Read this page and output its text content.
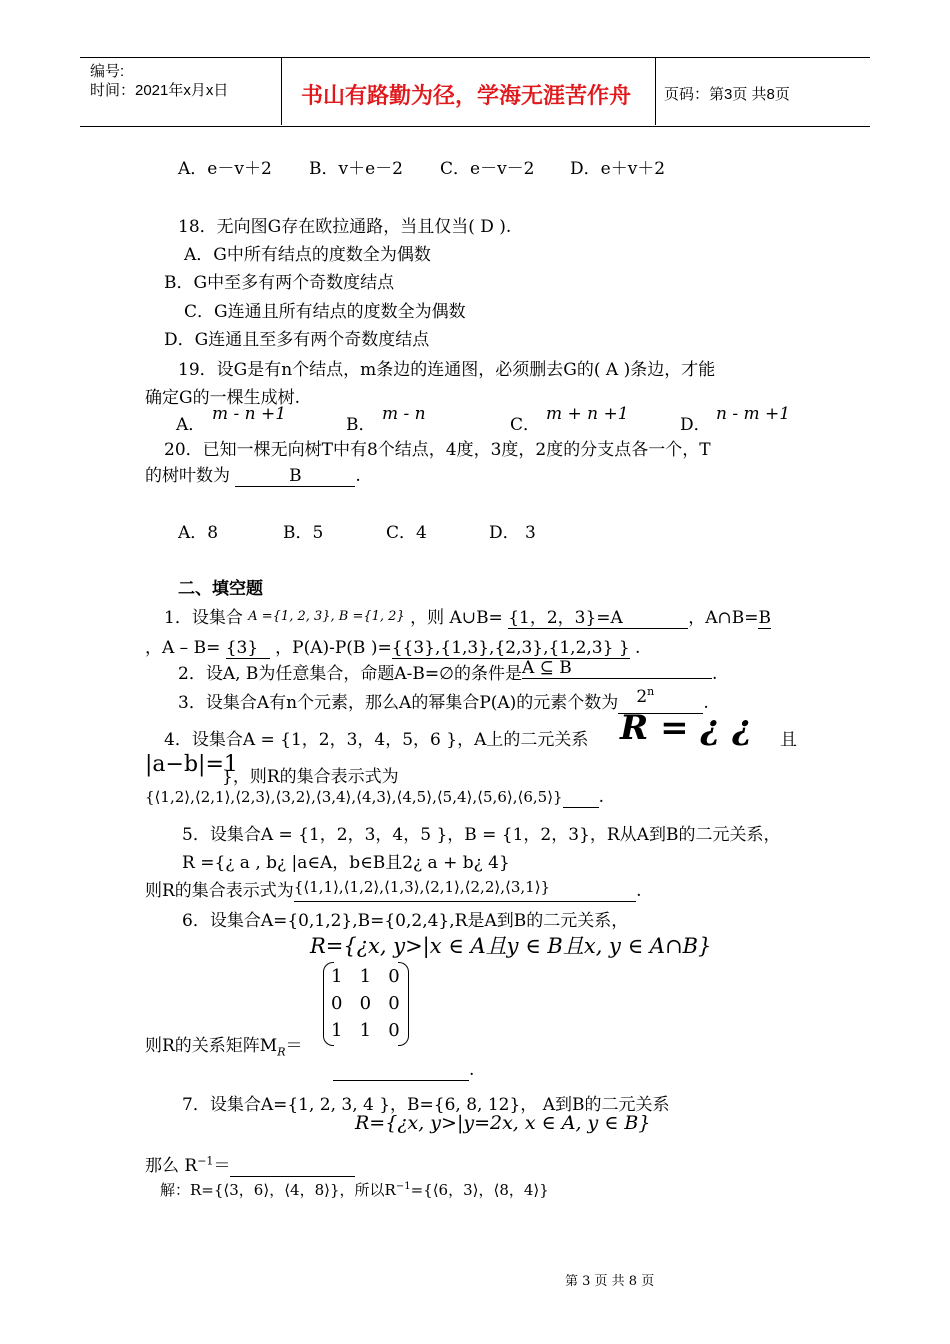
编号:
时间：2021年x月x日	书山有路勤为径，学海无涯苦作舟 页码：第3页 共8页
A．e－v＋2 B．v＋e－2 C．e－v－2 D．e＋v＋2
18．无向图G存在欧拉通路，当且仅当( D ).
A．G中所有结点的度数全为偶数
B．G中至多有两个奇数度结点
C．G连通且所有结点的度数全为偶数
D．G连通且至多有两个奇数度结点
19．设G是有n个结点，m条边的连通图，必须删去G的( A )条边，才能
确定G的一棵生成树.
A．
m - n +1
B．
m - n
C．
m + n +1
D．
n - m +1
20．已知一棵无向树T中有8个结点，4度，3度，2度的分支点各一个，T
的树叶数为	B	.
A．8	B．5	C．4	D． 3
二、填空题
1．设集合 A ={1, 2, 3}, B ={1, 2} ，则 A∪B= {1，2，3}=A	，A∩B=B
，A – B= {3} ，P(A)-P(B )={{3},{1,3},{2,3},{1,2,3} } .
2．设A, B为任意集合，命题A-B=∅的条件是A ⊆ B	.
3．设集合A有n个元素，那么A的幂集合P(A)的元素个数为 2$^n$.
4．设集合A = {1，2，3，4，5，6 }，A上的二元关系 R = ¿ ¿ 且
|a−b|=1
}，则R的集合表示式为
{⟨1,2⟩,⟨2,1⟩,⟨2,3⟩,⟨3,2⟩,⟨3,4⟩,⟨4,3⟩,⟨4,5⟩,⟨5,4⟩,⟨5,6⟩,⟨6,5⟩} .
5．设集合A = {1，2，3，4，5 }，B = {1，2，3}，R从A到B的二元关系，
R ={¿ a , b¿ |a∈A，b∈B且2¿ a + b¿ 4}
则R的集合表示式为{⟨1,1⟩,⟨1,2⟩,⟨1,3⟩,⟨2,1⟩,⟨2,2⟩,⟨3,1⟩}	.
6．设集合A={0,1,2},B={0,2,4},R是A到B的二元关系，
R={¿x, y>|x ∈ A且y ∈ B且x, y ∈ A∩B}
1   1   0
0   0   0
1   1   0
则R的关系矩阵$M_R=$
.
7．设集合A={1, 2, 3, 4 }，B={6, 8, 12}， A到B的二元关系
R={¿x, y>|y=2x, x ∈ A, y ∈ B}
那么 $R^{-1}=$
解：R={⟨3，6⟩，⟨4，8⟩}，所以$R^{-1}=\{⟨6$，3⟩，⟨8，4⟩}
第 3 页 共 8 页
